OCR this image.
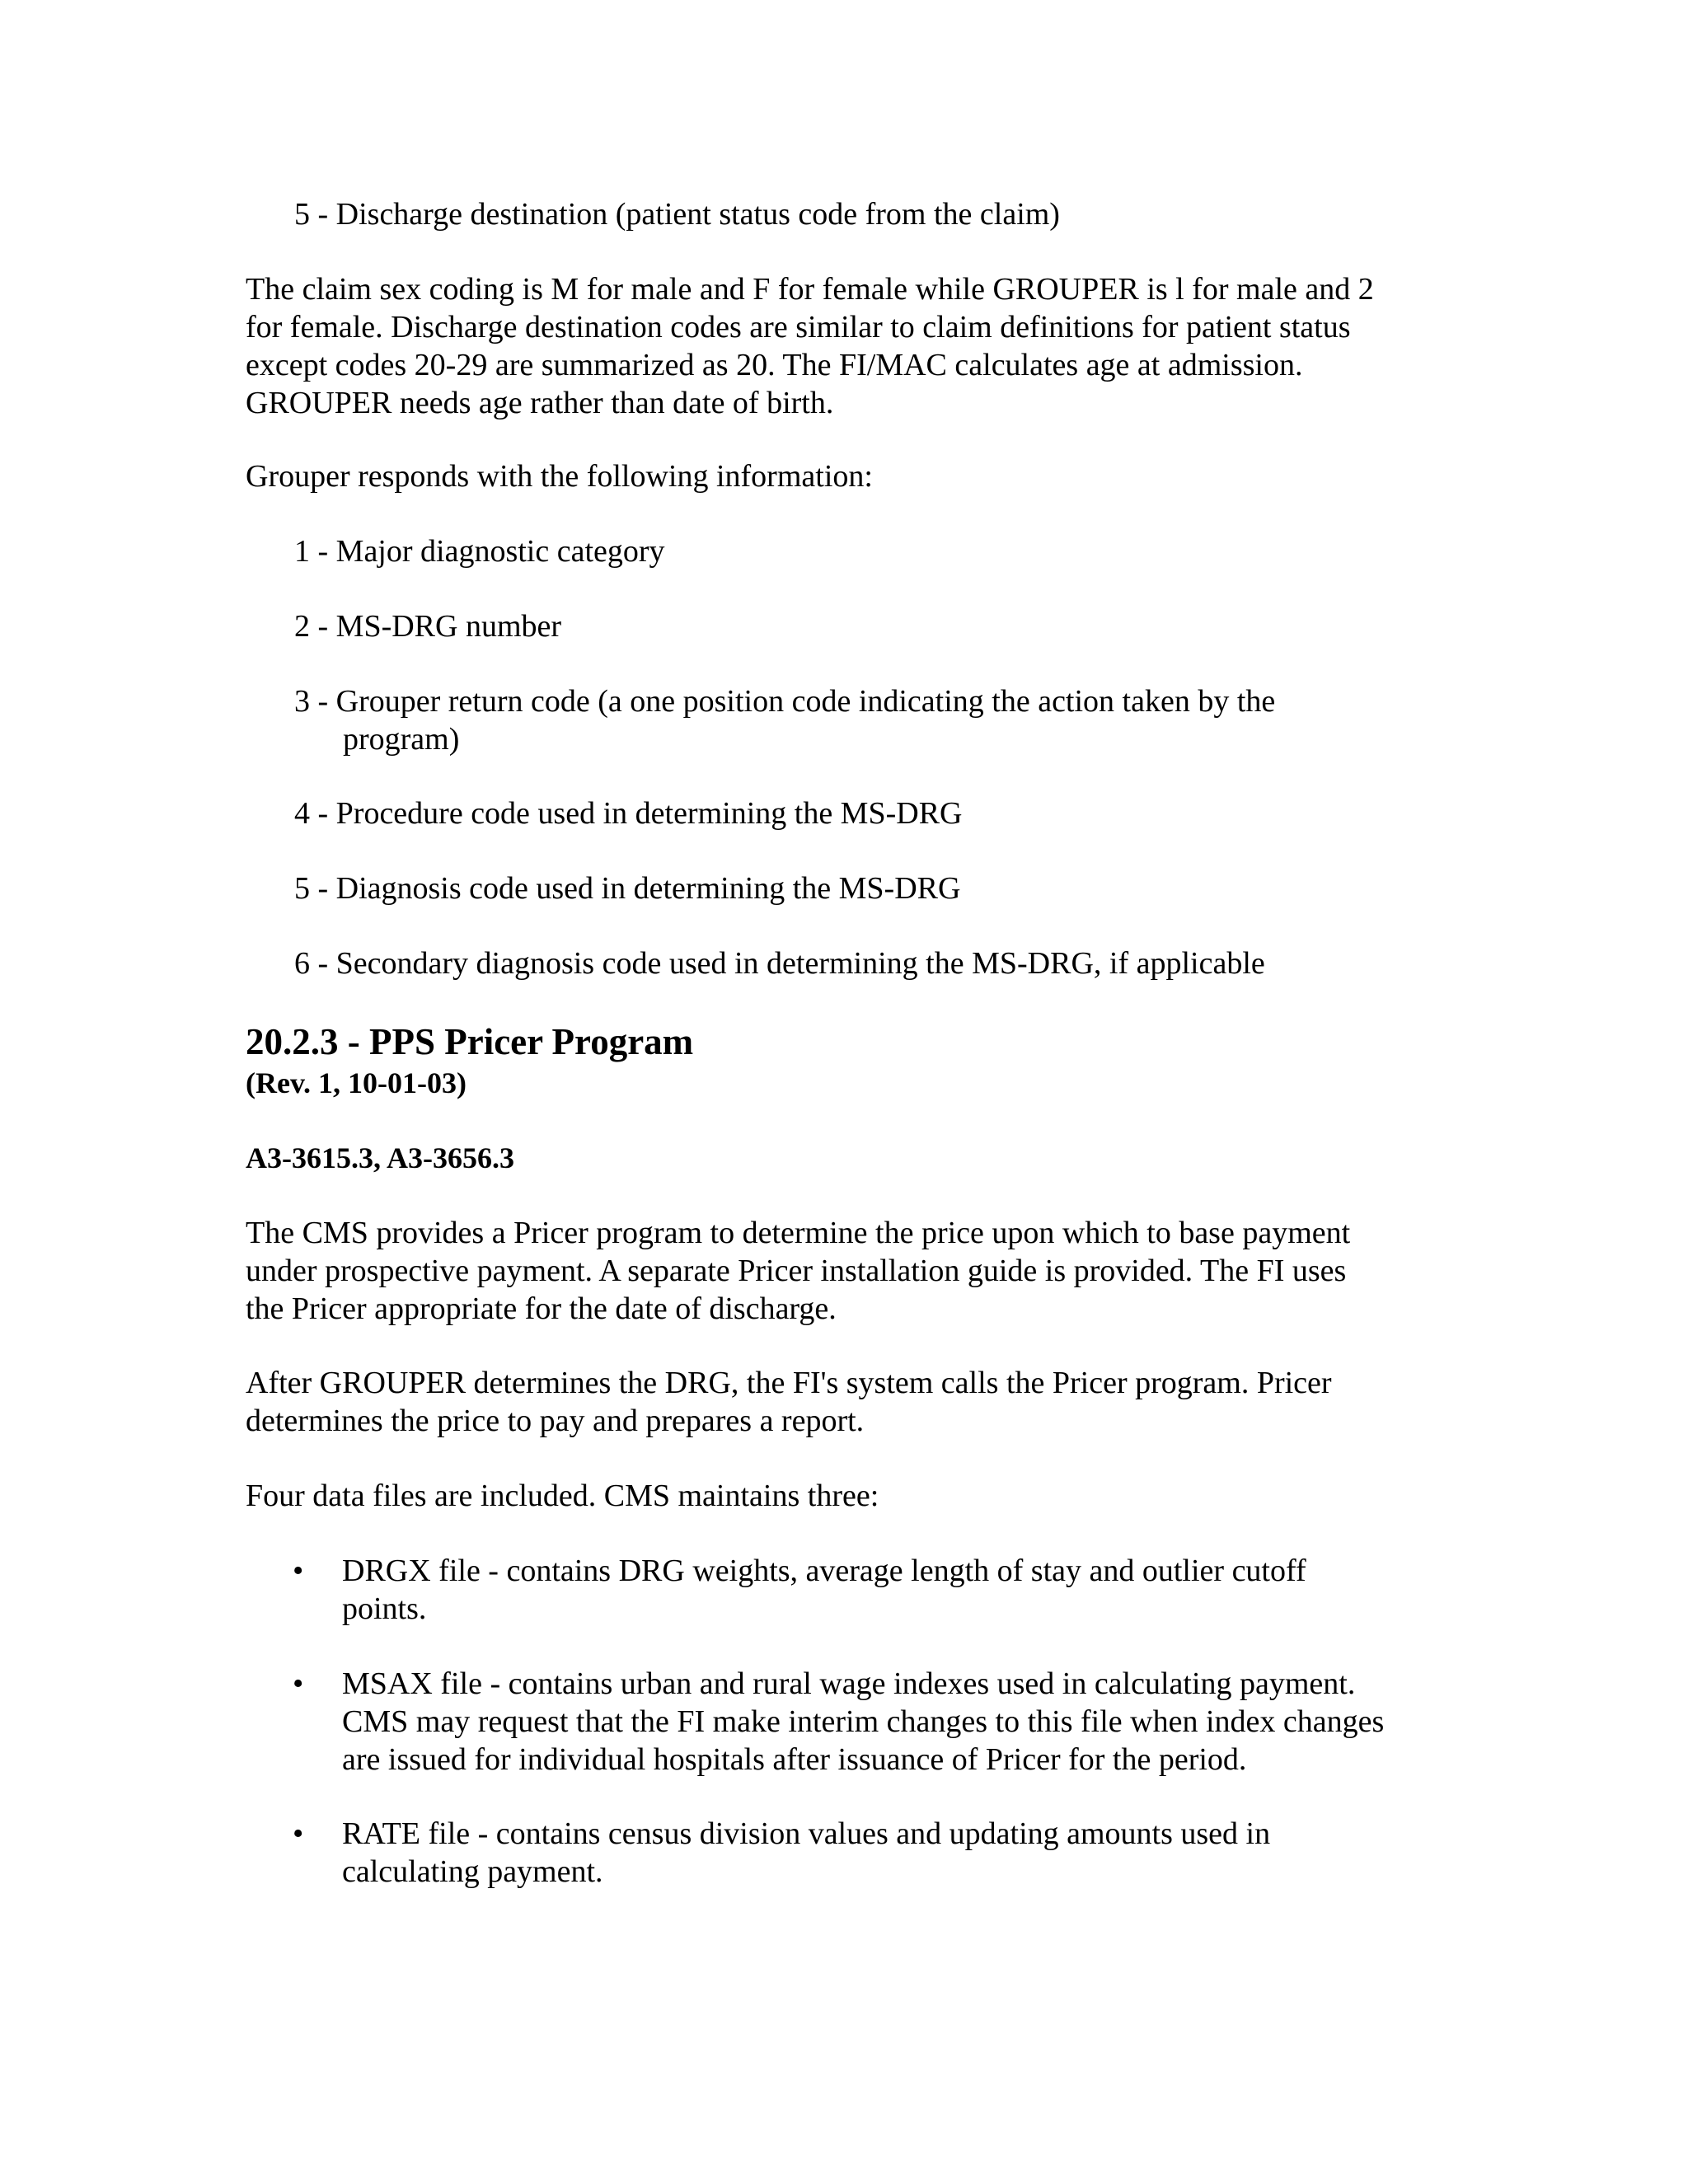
5 - Discharge destination (patient status code from the claim)

The claim sex coding is M for male and F for female while GROUPER is l for male and 2
for female. Discharge destination codes are similar to claim definitions for patient status
except codes 20-29 are summarized as 20. The FI/MAC calculates age at admission.
GROUPER needs age rather than date of birth.

Grouper responds with the following information:

1 - Major diagnostic category

2 - MS-DRG number

3 - Grouper return code (a one position code indicating the action taken by the
program)

4 - Procedure code used in determining the MS-DRG

5 - Diagnosis code used in determining the MS-DRG

6 - Secondary diagnosis code used in determining the MS-DRG, if applicable

20.2.3 - PPS Pricer Program

(Rev. 1, 10-01-03)

A3-3615.3, A3-3656.3

The CMS provides a Pricer program to determine the price upon which to base payment
under prospective payment. A separate Pricer installation guide is provided. The FI uses
the Pricer appropriate for the date of discharge.
After GROUPER determines the DRG, the FI's system calls the Pricer program. Pricer
determines the price to pay and prepares a report.

Four data files are included. CMS maintains three:

•	DRGX file - contains DRG weights, average length of stay and outlier cutoff
points.
•	MSAX file - contains urban and rural wage indexes used in calculating payment.
CMS may request that the FI make interim changes to this file when index changes
are issued for individual hospitals after issuance of Pricer for the period.
•	RATE file - contains census division values and updating amounts used in
calculating payment.
